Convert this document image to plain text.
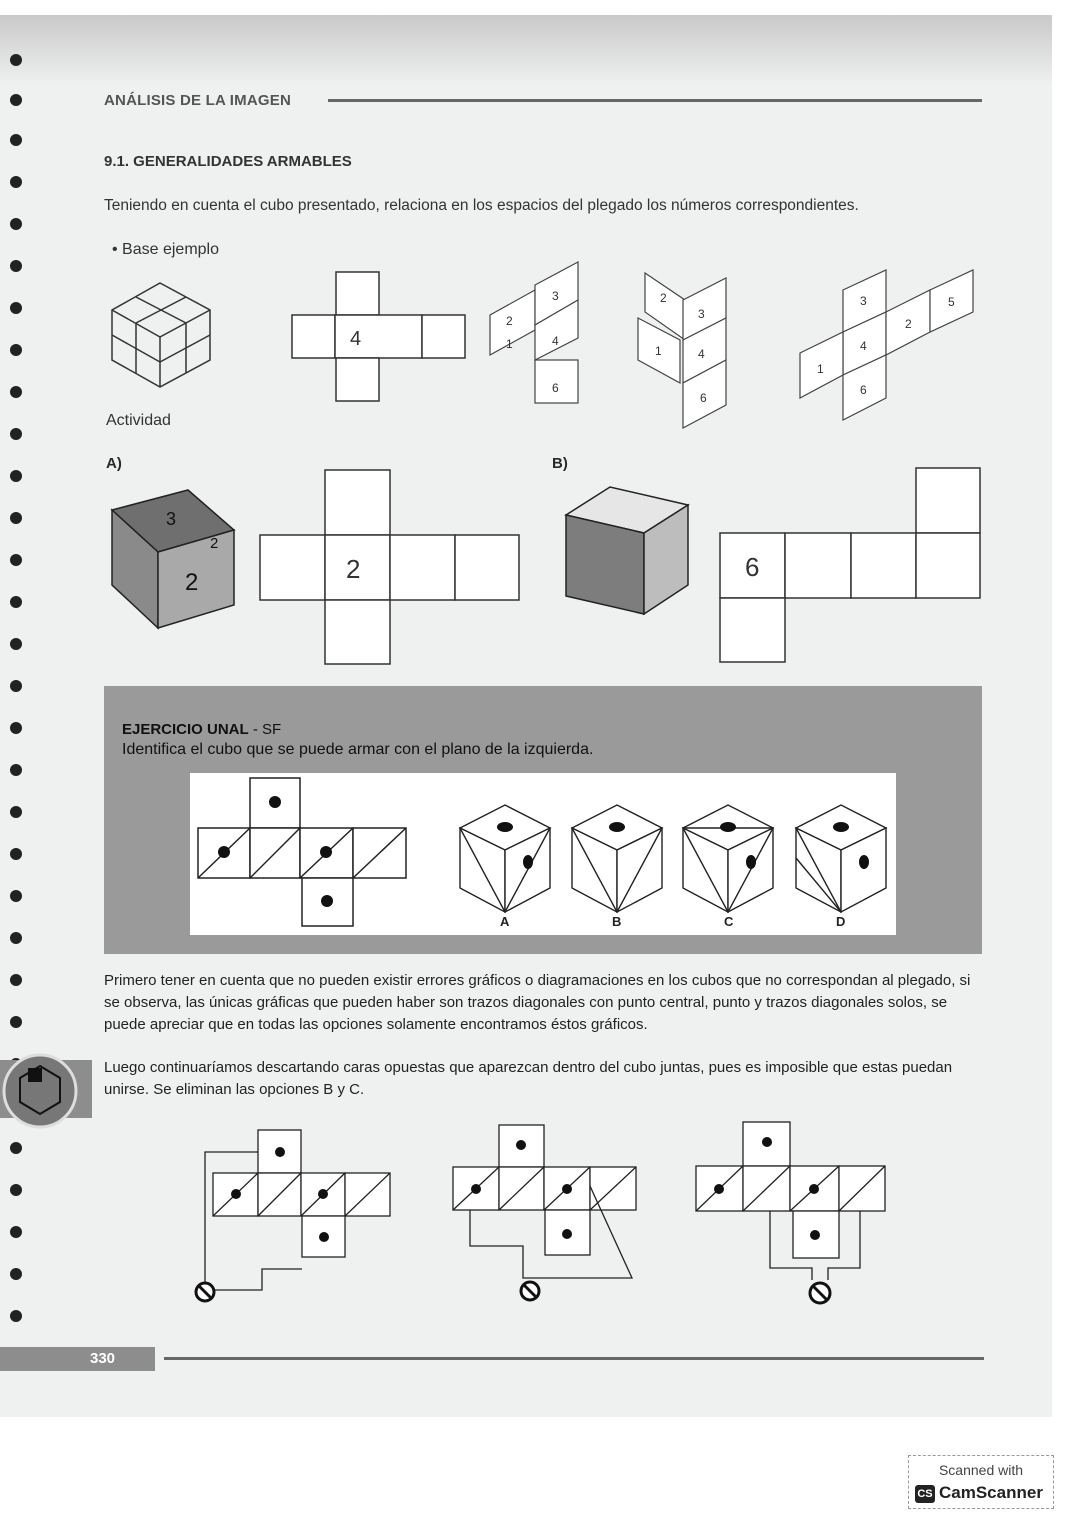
ANÁLISIS DE LA IMAGEN
9.1. GENERALIDADES ARMABLES
Teniendo en cuenta el cubo presentado, relaciona en los espacios del plegado los números correspondientes.
• Base ejemplo
4
2
1
3
4
6
2
1
3
4
6
3
4
1
6
2
5
Actividad
A)	B)
3
2
2	2	6
EJERCICIO UNAL - SF
Identifica el cubo que se puede armar con el plano de la izquierda.
A	B	C	D
Primero tener en cuenta que no pueden existir errores gráficos o diagramaciones en los cubos que no correspondan al plegado, si se observa, las únicas gráficas que pueden haber son trazos diagonales con punto central, punto y trazos diagonales solos, se puede apreciar que en todas las opciones solamente encontramos éstos gráficos.
Luego continuaríamos descartando caras opuestas que aparezcan dentro del cubo juntas, pues es imposible que estas puedan unirse. Se eliminan las opciones B y C.
330
Scanned with
CS CamScanner
